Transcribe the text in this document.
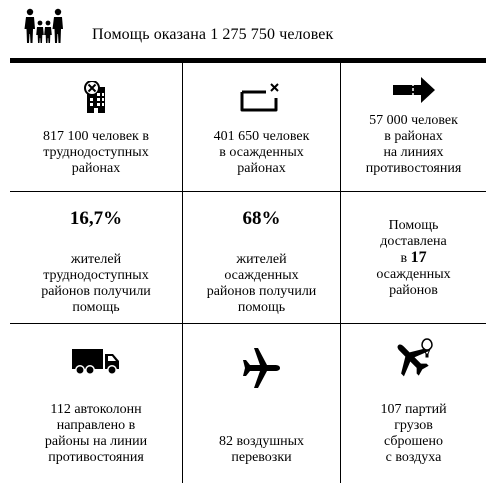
Помощь оказана 1 275 750 человек
817 100 человек в
труднодоступных
районах
401 650 человек
в осажденных
районах
57 000 человек
в районах
на линиях
противостояния
16,7%
жителей
труднодоступных
районов получили
помощь
68%
жителей
осажденных
районов получили
помощь
Помощь
доставлена
в 17
осажденных
районов
112 автоколонн
направлено в
районы на линии
противостояния
82 воздушных
перевозки
107 партий
грузов
сброшено
с воздуха
